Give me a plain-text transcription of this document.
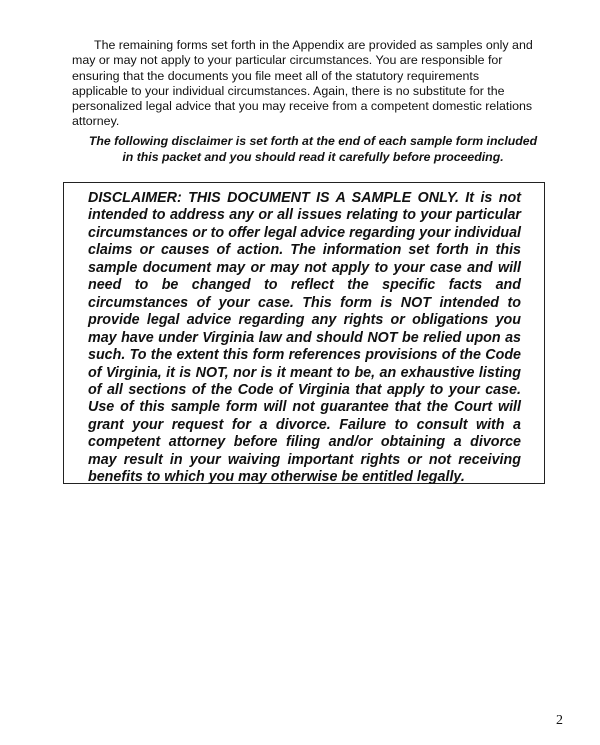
The remaining forms set forth in the Appendix are provided as samples only and may or may not apply to your particular circumstances. You are responsible for ensuring that the documents you file meet all of the statutory requirements applicable to your individual circumstances. Again, there is no substitute for the personalized legal advice that you may receive from a competent domestic relations attorney.

The following disclaimer is set forth at the end of each sample form included in this packet and you should read it carefully before proceeding.

DISCLAIMER: THIS DOCUMENT IS A SAMPLE ONLY. It is not intended to address any or all issues relating to your particular circumstances or to offer legal advice regarding your individual claims or causes of action. The information set forth in this sample document may or may not apply to your case and will need to be changed to reflect the specific facts and circumstances of your case. This form is NOT intended to provide legal advice regarding any rights or obligations you may have under Virginia law and should NOT be relied upon as such. To the extent this form references provisions of the Code of Virginia, it is NOT, nor is it meant to be, an exhaustive listing of all sections of the Code of Virginia that apply to your case. Use of this sample form will not guarantee that the Court will grant your request for a divorce. Failure to consult with a competent attorney before filing and/or obtaining a divorce may result in your waiving important rights or not receiving benefits to which you may otherwise be entitled legally.

2
